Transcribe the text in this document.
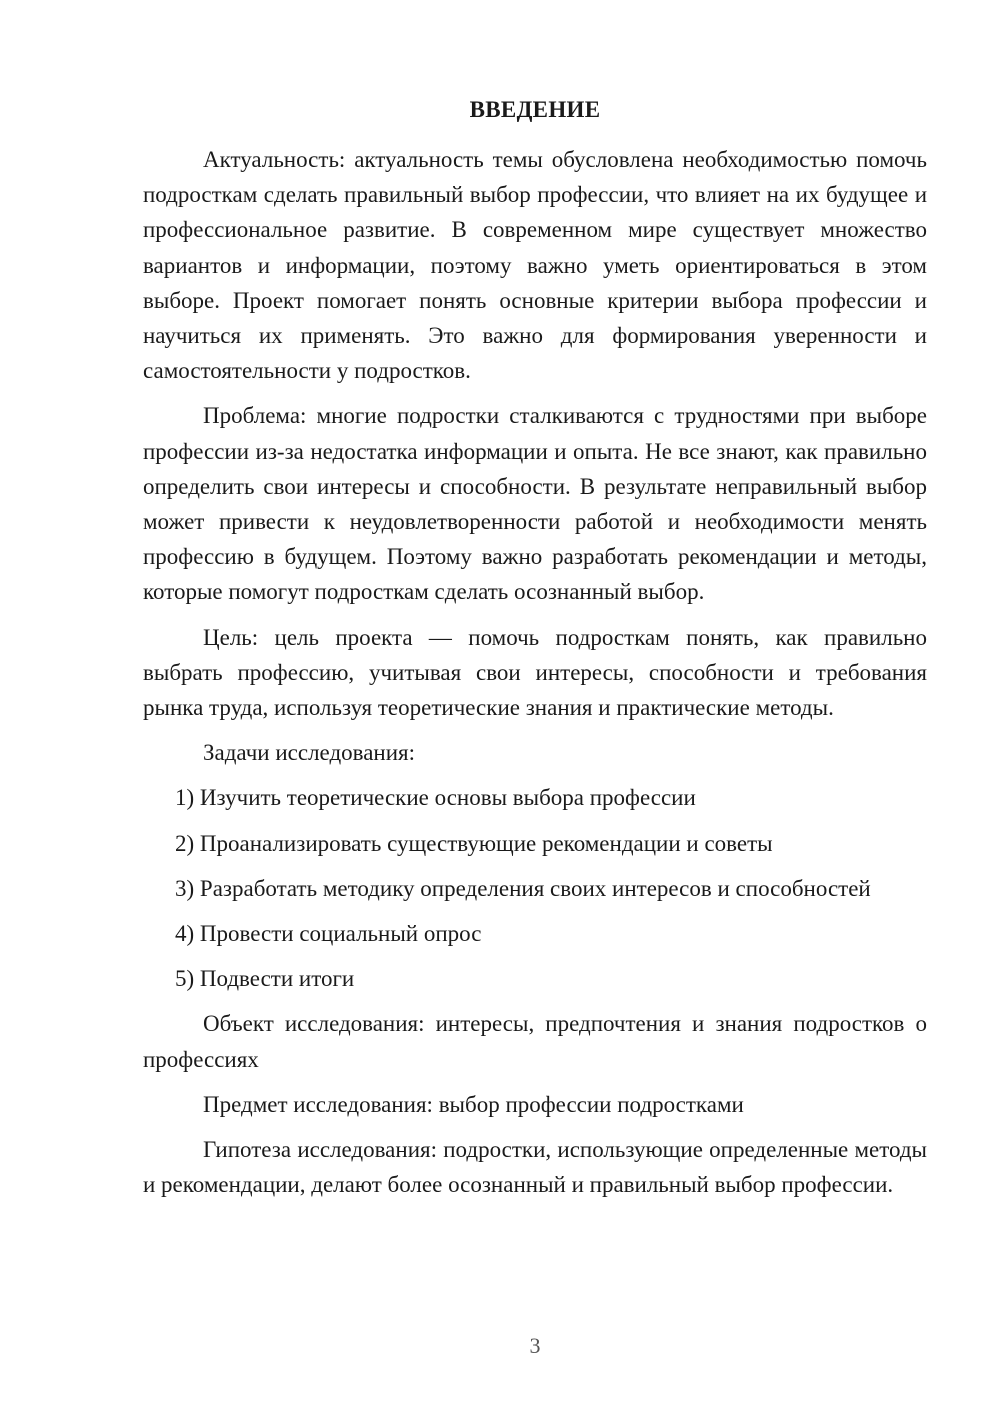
ВВЕДЕНИЕ

Актуальность: актуальность темы обусловлена необходимостью помочь подросткам сделать правильный выбор профессии, что влияет на их будущее и профессиональное развитие. В современном мире существует множество вариантов и информации, поэтому важно уметь ориентироваться в этом выборе. Проект помогает понять основные критерии выбора профессии и научиться их применять. Это важно для формирования уверенности и самостоятельности у подростков.

Проблема: многие подростки сталкиваются с трудностями при выборе профессии из-за недостатка информации и опыта. Не все знают, как правильно определить свои интересы и способности. В результате неправильный выбор может привести к неудовлетворенности работой и необходимости менять профессию в будущем. Поэтому важно разработать рекомендации и методы, которые помогут подросткам сделать осознанный выбор.

Цель: цель проекта — помочь подросткам понять, как правильно выбрать профессию, учитывая свои интересы, способности и требования рынка труда, используя теоретические знания и практические методы.

Задачи исследования:

1) Изучить теоретические основы выбора профессии

2) Проанализировать существующие рекомендации и советы

3) Разработать методику определения своих интересов и способностей

4) Провести социальный опрос

5) Подвести итоги

Объект исследования: интересы, предпочтения и знания подростков о профессиях

Предмет исследования: выбор профессии подростками

Гипотеза исследования: подростки, использующие определенные методы и рекомендации, делают более осознанный и правильный выбор профессии.

3
